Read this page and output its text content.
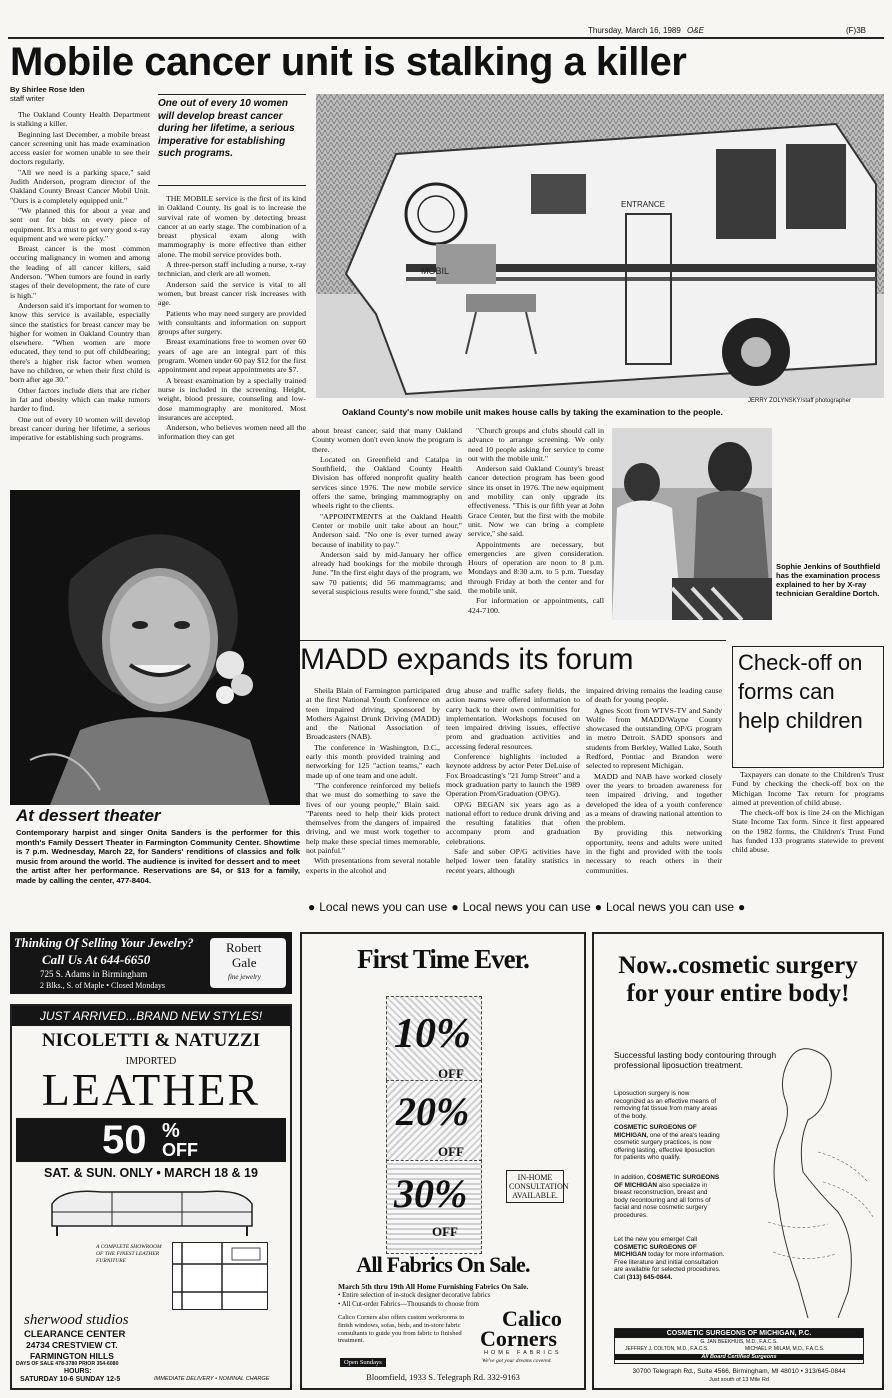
Thursday, March 16, 1989 O&E	(F)3B
Mobile cancer unit is stalking a killer
By Shirlee Rose Iden
staff writer	One out of every 10 women will develop breast cancer during her lifetime, a serious imperative for establishing such programs.

The Oakland County Health Department is stalking a killer.

Beginning last December, a mobile breast cancer screening unit has made examination access easier for women unable to see their doctors regularly.

"All we need is a parking space," said Judith Anderson, program director of the Oakland County Breast Cancer Mobil Unit. "Ours is a completely equipped unit."

"We planned this for about a year and sent out for bids on every piece of equipment. It's a must to get very good x-ray equipment and we were picky."

Breast cancer is the most common occuring malignancy in women and among the leading of all cancer killers, said Anderson. "When tumors are found in early stages of their development, the rate of cure is high."

Anderson said it's important for women to know this service is available, especially since the statistics for breast cancer may be higher for women in Oakland Country than elsewhere. "When women are more educated, they tend to put off childbearing; there's a higher risk factor when women have no children, or when their first child is born after age 30."

Other factors include diets that are richer in fat and obesity which can make tumors harder to find.

One out of every 10 women will develop breast cancer during her lifetime, a serious imperative for establishing such programs.

THE MOBILE service is the first of its kind in Oakland County. Its goal is to increase the survival rate of women by detecting breast cancer at an early stage. The combination of a breast physical exam along with mammography is more effective than either alone. The mobil service provides both.

A three-person staff including a nurse, x-ray technician, and clerk are all women.

Anderson said the service is vital to all women, but breast cancer risk increases with age.

Patients who may need surgery are provided with consultants and information on support groups after surgery.

Breast examinations free to women over 60 years of age are an integral part of this program. Women under 60 pay $12 for the first appointment and repeat appointments are $7.

A breast examination by a specially trained nurse is included in the screening. Height, weight, blood pressure, counseling and low-dose mammography are monitored. Most insurances are accepted.

Anderson, who believes women need all the information they can get

MOBIL
ENTRANCE
JERRY ZOLYNSKY/staff photographer
Oakland County's now mobile unit makes house calls by taking the examination to the people.

about breast cancer, said that many Oakland County women don't even know the program is there.

Located on Greenfield and Catalpa in Southfield, the Oakland County Health Division has offered nonprofit quality health services since 1976. The new mobile service offers the same, bringing mammography on wheels right to the clients.

"APPOINTMENTS at the Oakland Health Center or mobile unit take about an hour," Anderson said. "No one is ever turned away because of inability to pay."

Anderson said by mid-January her office already had bookings for the mobile through June. "In the first eight days of the program, we saw 70 patients; did 56 mammagrams; and several suspicious results were found," she said.

"Church groups and clubs should call in advance to arrange screening. We only need 10 people asking for service to come out with the mobile unit."

Anderson said Oakland County's breast cancer detection program has been good since its onset in 1976. The new equipment and mobility can only upgrade its effectiveness. "This is our fifth year at John Grace Center, but the first with the mobile unit. Now we can bring a complete service," she said.

Appointments are necessary, but emergencies are given consideration. Hours of operation are noon to 8 p.m. Mondays and 8:30 a.m. to 5 p.m. Tuesday through Friday at both the center and for the mobile unit.

For information or appointments, call 424-7100.

Sophie Jenkins of Southfield has the examination process explained to her by X-ray technician Geraldine Dortch.
At dessert theater
Contemporary harpist and singer Onita Sanders is the performer for this month's Family Dessert Theater in Farmington Community Center. Showtime is 7 p.m. Wednesday, March 22, for Sanders' renditions of classics and folk music from around the world. The audience is invited for dessert and to meet the artist after her performance. Reservations are $4, or $13 for a family, made by calling the center, 477-8404.
MADD expands its forum

Sheila Blain of Farmington participated at the first National Youth Conference on teen impaired driving, sponsored by Mothers Against Drunk Driving (MADD) and the National Association of Broadcasters (NAB).

The conference in Washington, D.C., early this month provided training and networking for 125 "action teams," each made up of one team and one adult.

"The conference reinforced my beliefs that we must do something to save the lives of our young people," Blain said. "Parents need to help their kids protect themselves from the dangers of impaired driving, and we must work together to help make these special times memorable, not painful."

With presentations from several notable experts in the alcohol and

drug abuse and traffic safety fields, the action teams were offered information to carry back to their own communities for implementation. Workshops focused on teen impaired driving issues, effective prom and graduation activities and accessing federal resources.

Conference highlights included a keynote address by actor Peter DeLuise of Fox Broadcasting's "21 Jump Street" and a mock graduation party to launch the 1989 Operation Prom/Graduation (OP/G).

OP/G BEGAN six years ago as a national effort to reduce drunk driving and the resulting fatalities that often accompany prom and graduation celebrations.

Safe and sober OP/G activities have helped lower teen fatality statistics in recent years, although

impaired driving remains the leading cause of death for young people.

Agnes Scott from WTVS-TV and Sandy Wolfe from MADD/Wayne County showcased the outstanding OP/G program in metro Detroit. SADD sponsors and students from Berkley, Walled Lake, South Redford, Pontiac and Brandon were selected to represent Michigan.

MADD and NAB have worked closely over the years to broaden awareness for teen impaired driving, and together developed the idea of a youth conference as a means of drawing national attention to the problem.

By providing this networking opportunity, teens and adults were united in the fight and provided with the tools necessary to reach others in their communities.

Check-off on forms can help children

Taxpayers can donate to the Children's Trust Fund by checking the check-off box on the Michigan Income Tax return for programs aimed at prevention of child abuse.

The check-off box is line 24 on the Michigan State Income Tax form. Since it first appeared on the 1982 forms, the Children's Trust Fund has funded 133 programs statewide to prevent child abuse.

● Local news you can use ● Local news you can use ● Local news you can use ●
Thinking Of Selling Your Jewelry?
Call Us At 644-6650
725 S. Adams in Birmingham
2 Blks., S. of Maple • Closed Mondays
Robert
Gale
fine jewelry
JUST ARRIVED...BRAND NEW STYLES!
NICOLETTI & NATUZZI
IMPORTED
LEATHER
50 %
OFF
SAT. & SUN. ONLY • MARCH 18 & 19
A COMPLETE SHOWROOM OF THE FINEST LEATHER FURNITURE
sherwood studios
CLEARANCE CENTER
24734 CRESTVIEW CT.
FARMINGTON HILLS
DAYS OF SALE 478-3780 PRIOR 354-6080
HOURS:
SATURDAY 10-6 SUNDAY 12-5	IMMEDIATE DELIVERY • NOMINAL CHARGE
First Time Ever.
10%
20%
30%
OFF
OFF
OFF
IN-HOME CONSULTATION AVAILABLE.
All Fabrics On Sale.
March 5th thru 19th All Home Furnishing Fabrics On Sale.
• Entire selection of in-stock designer decorative fabrics
• All Cut-order Fabrics—Thousands to choose from
Calico Corners also offers custom workrooms to finish windows, sofas, beds, and in-store fabric consultants to guide you from fabric to finished treatment.
Open Sundays
Calico
Corners
HOME FABRICS
We've got your dreams covered.
Bloomfield, 1933 S. Telegraph Rd. 332-9163
Now..cosmetic surgery for your entire body!
Successful lasting body contouring through professional liposuction treatment.
Liposuction surgery is now recognized as an effective means of removing fat tissue from many areas of the body.
COSMETIC SURGEONS OF MICHIGAN, one of the area's leading cosmetic surgery practices, is now offering lasting, effective liposuction for patients who qualify.
In addition, COSMETIC SURGEONS OF MICHIGAN also specialize in breast reconstruction, breast and body recontouring and all forms of facial and nose cosmetic surgery procedures.
Let the new you emerge! Call COSMETIC SURGEONS OF MICHIGAN today for more information. Free literature and initial consultation are available for selected procedures. Call (313) 645-0844.
COSMETIC SURGEONS OF MICHIGAN, P.C.
G. JAN BEEKHUIS, M.D., F.A.C.S.
JEFFREY J. COLTON, M.D., F.A.C.S.	MICHAEL P. MILAM, M.D., F.A.C.S.
All Board Certified Surgeons
30700 Telegraph Rd., Suite 4566, Birmingham, MI 48010 • 313/645-0844
Just south of 13 Mile Rd
